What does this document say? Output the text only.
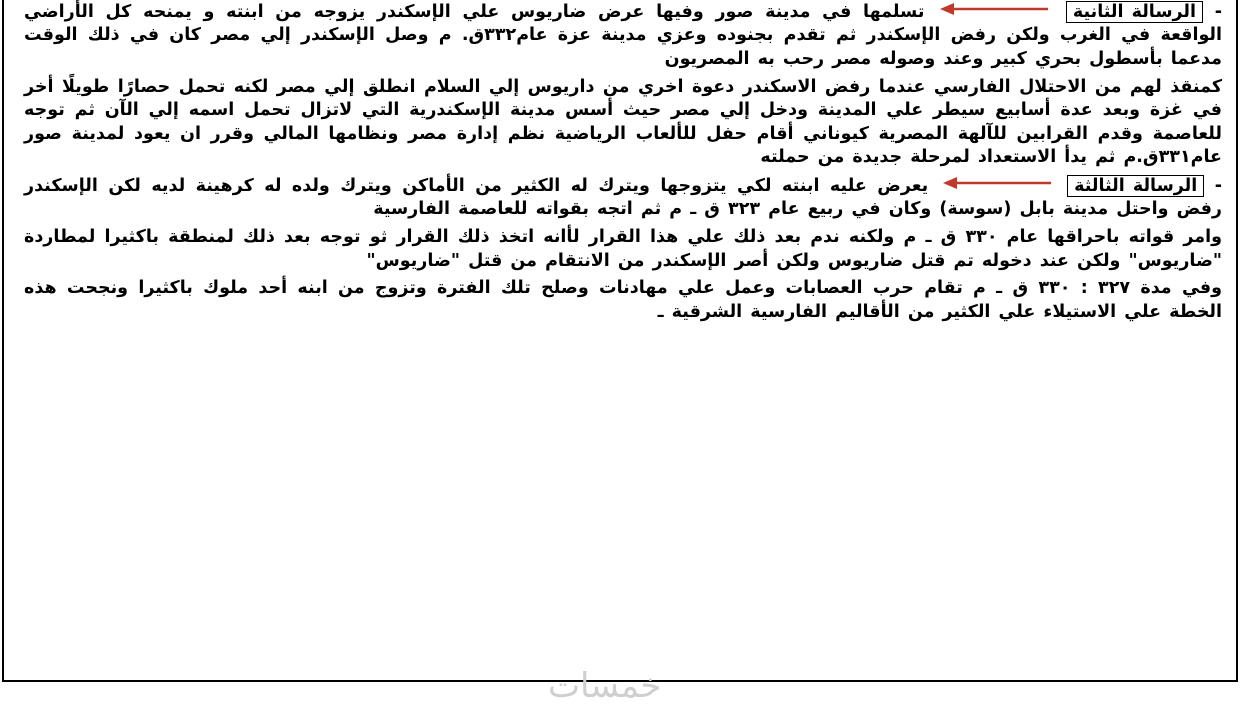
- الرسالة الثانية  تسلمها في مدينة صور وفيها عرض ضاريوس علي الإسكندر يزوجه من ابنته و يمنحه كل الأراضي الواقعة في الغرب ولكن رفض الإسكندر ثم تقدم بجنوده وعزي مدينة عزة عام٣٣٢ق. م وصل الإسكندر إلي مصر كان في ذلك الوقت مدعما بأسطول بحري كبير وعند وصوله مصر رحب به المصريون

كمنقذ لهم من الاحتلال الفارسي عندما رفض الاسكندر دعوة اخري من داريوس إلي السلام انطلق إلي مصر لكنه تحمل حصارًا طويلًا أخر في غزة وبعد عدة أسابيع سيطر علي المدينة ودخل إلي مصر حيث أسس مدينة الإسكندرية التي لاتزال تحمل اسمه إلي الآن ثم توجه للعاصمة وقدم القرابين للآلهة المصرية كيوناني أقام حفل للألعاب الرياضية نظم إدارة مصر ونظامها المالي وقرر ان يعود لمدينة صور عام٣٣١ق.م ثم يدأ الاستعداد لمرحلة جديدة من حملته

- الرسالة الثالثة  يعرض عليه ابنته لكي يتزوجها ويترك له الكثير من الأماكن ويترك ولده له كرهينة لديه لكن الإسكندر رفض واحتل مدينة بابل (سوسة) وكان في ربيع عام ٣٢٣ ق ـ م ثم اتجه بقواته للعاصمة الفارسية

وامر قواته باحراقها عام ٣٣٠ ق ـ م ولكنه ندم بعد ذلك علي هذا القرار لأانه اتخذ ذلك القرار ثو توجه بعد ذلك لمنطقة باكثيرا لمطاردة "ضاريوس" ولكن عند دخوله تم قتل ضاريوس ولكن أصر الإسكندر من الانتقام من قتل "ضاريوس"

وفي مدة ٣٢٧ : ٣٣٠ ق ـ م تقام حرب العصابات وعمل علي مهادنات وصلح تلك الفترة وتزوج من ابنه أحد ملوك باكثيرا ونجحت هذه الخطة علي الاستيلاء علي الكثير من الأقاليم الفارسية الشرقية ـ

خمسات
